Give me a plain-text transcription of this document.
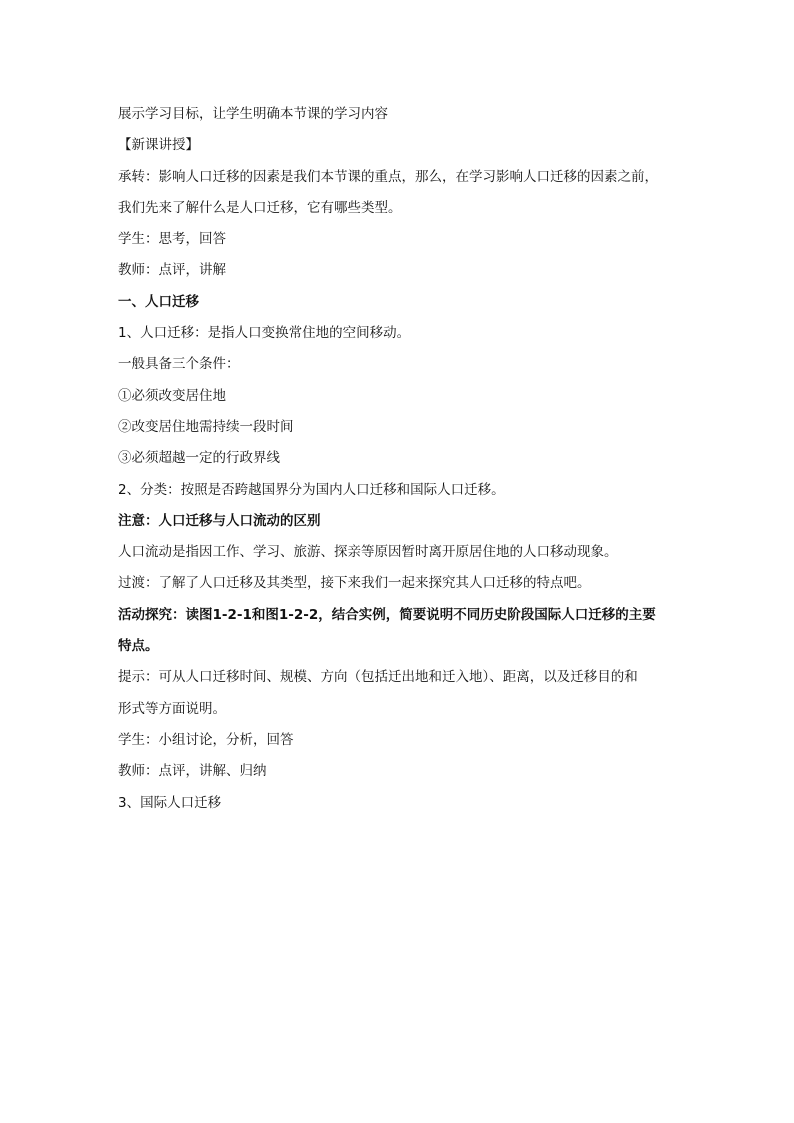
展示学习目标，让学生明确本节课的学习内容
【新课讲授】
承转：影响人口迁移的因素是我们本节课的重点，那么，在学习影响人口迁移的因素之前，
我们先来了解什么是人口迁移，它有哪些类型。
学生：思考，回答
教师：点评，讲解
一、人口迁移
1、人口迁移：是指人口变换常住地的空间移动。
一般具备三个条件：
①必须改变居住地
②改变居住地需持续一段时间
③必须超越一定的行政界线
2、分类：按照是否跨越国界分为国内人口迁移和国际人口迁移。
注意：人口迁移与人口流动的区别
人口流动是指因工作、学习、旅游、探亲等原因暂时离开原居住地的人口移动现象。
过渡：了解了人口迁移及其类型，接下来我们一起来探究其人口迁移的特点吧。
活动探究：读图1-2-1和图1-2-2，结合实例，简要说明不同历史阶段国际人口迁移的主要
特点。
提示：可从人口迁移时间、规模、方向（包括迁出地和迁入地）、距离，以及迁移目的和
形式等方面说明。
学生：小组讨论，分析，回答
教师：点评，讲解、归纳
3、国际人口迁移
